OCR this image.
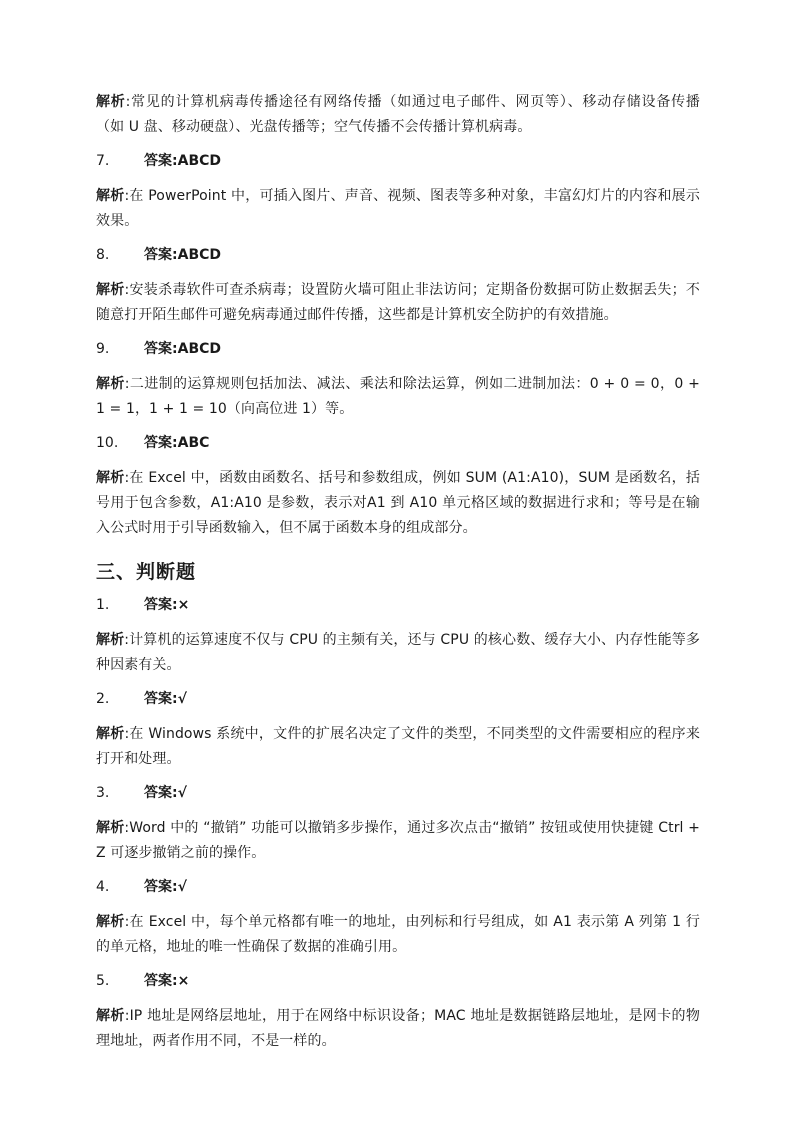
解析:常见的计算机病毒传播途径有网络传播（如通过电子邮件、网页等）、移动存储设备传播（如 U 盘、移动硬盘）、光盘传播等；空气传播不会传播计算机病毒。

7.	答案 : ABCD

解析:在 PowerPoint 中，可插入图片、声音、视频、图表等多种对象，丰富幻灯片的内容和展示效果。

8.	答案 : ABCD

解析:安装杀毒软件可查杀病毒；设置防火墙可阻止非法访问；定期备份数据可防止数据丢失；不随意打开陌生邮件可避免病毒通过邮件传播，这些都是计算机安全防护的有效措施。

9.	答案 : ABCD

解析:二进制的运算规则包括加法、减法、乘法和除法运算，例如二进制加法：0 + 0 = 0，0 + 1 = 1，1 + 1 = 10（向高位进 1）等。

10.	答案 : ABC

解析:在 Excel 中，函数由函数名、括号和参数组成，例如 SUM (A1:A10)，SUM 是函数名，括号用于包含参数，A1:A10 是参数，表示对A1 到 A10 单元格区域的数据进行求和；等号是在输入公式时用于引导函数输入，但不属于函数本身的组成部分。

三、判断题
1.	答案 : ×

解析:计算机的运算速度不仅与 CPU 的主频有关，还与 CPU 的核心数、缓存大小、内存性能等多种因素有关。

2.	答案 : √

解析:在 Windows 系统中，文件的扩展名决定了文件的类型，不同类型的文件需要相应的程序来打开和处理。

3.	答案 : √

解析:Word 中的 “撤销” 功能可以撤销多步操作，通过多次点击“撤销” 按钮或使用快捷键 Ctrl + Z 可逐步撤销之前的操作。

4.	答案 : √

解析:在 Excel 中，每个单元格都有唯一的地址，由列标和行号组成，如 A1 表示第 A 列第 1 行的单元格，地址的唯一性确保了数据的准确引用。

5.	答案 : ×

解析:IP 地址是网络层地址，用于在网络中标识设备；MAC 地址是数据链路层地址，是网卡的物理地址，两者作用不同，不是一样的。
